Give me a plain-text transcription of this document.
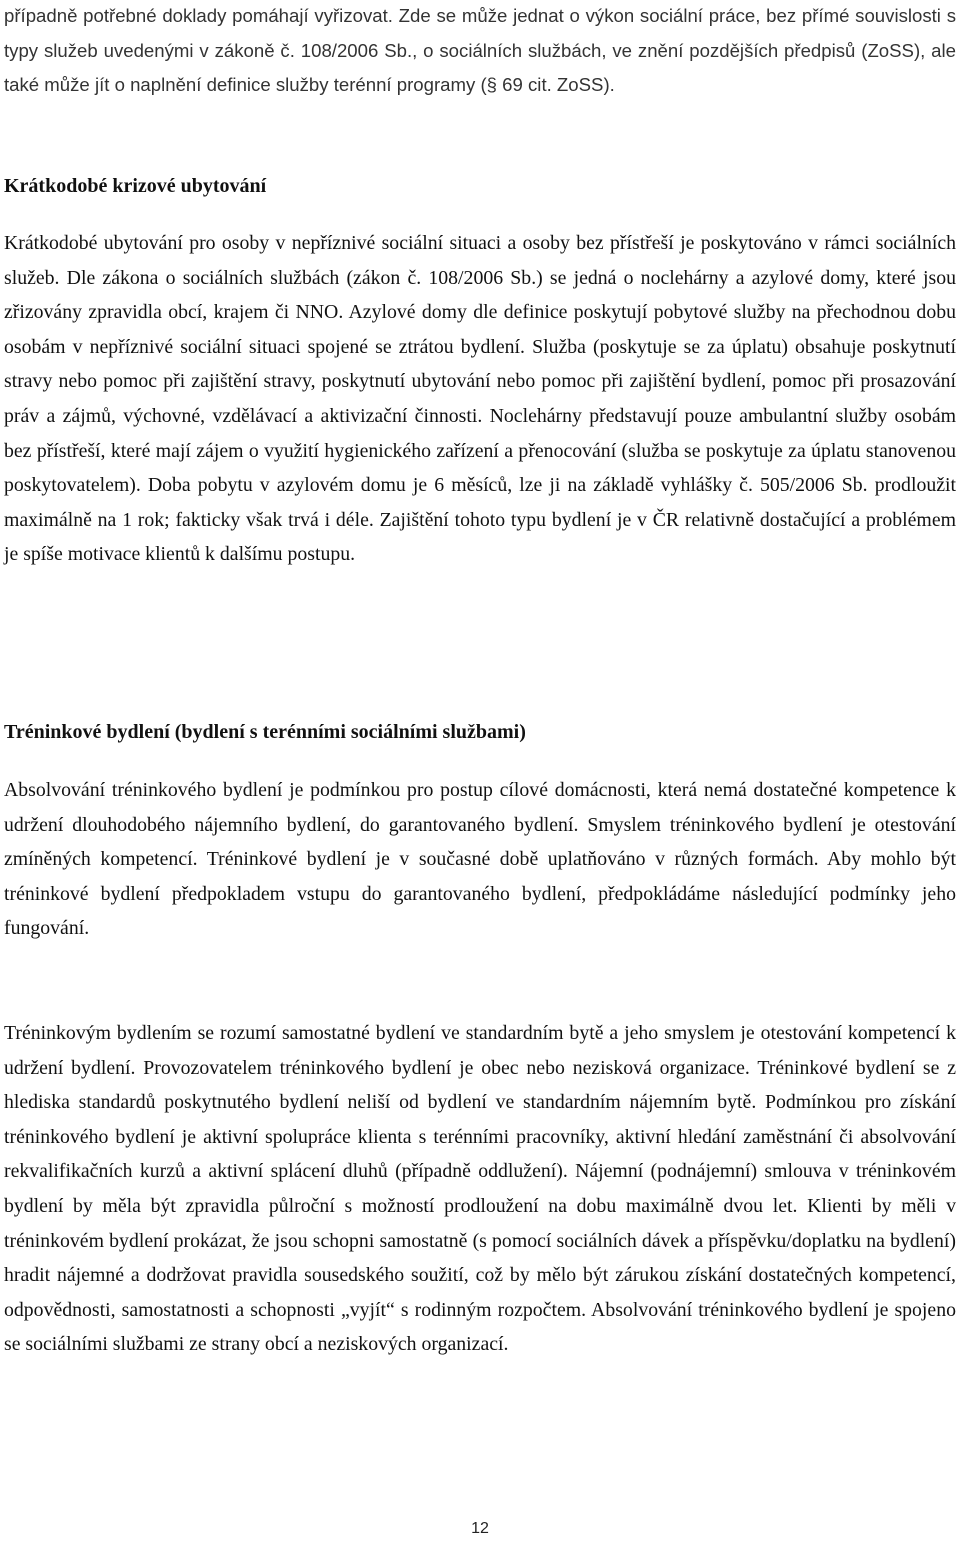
případně potřebné doklady pomáhají vyřizovat. Zde se může jednat o výkon sociální práce, bez přímé souvislosti s typy služeb uvedenými v zákoně č. 108/2006 Sb., o sociálních službách, ve znění pozdějších předpisů (ZoSS), ale také může jít o naplnění definice služby terénní programy (§ 69 cit. ZoSS).

Krátkodobé krizové ubytování

Krátkodobé ubytování pro osoby v nepříznivé sociální situaci a osoby bez přístřeší je poskytováno v rámci sociálních služeb. Dle zákona o sociálních službách (zákon č. 108/2006 Sb.) se jedná o noclehárny a azylové domy, které jsou zřizovány zpravidla obcí, krajem či NNO. Azylové domy dle definice poskytují pobytové služby na přechodnou dobu osobám v nepříznivé sociální situaci spojené se ztrátou bydlení. Služba (poskytuje se za úplatu) obsahuje poskytnutí stravy nebo pomoc při zajištění stravy, poskytnutí ubytování nebo pomoc při zajištění bydlení, pomoc při prosazování práv a zájmů, výchovné, vzdělávací a aktivizační činnosti. Noclehárny představují pouze ambulantní služby osobám bez přístřeší, které mají zájem o využití hygienického zařízení a přenocování (služba se poskytuje za úplatu stanovenou poskytovatelem). Doba pobytu v azylovém domu je 6 měsíců, lze ji na základě vyhlášky č. 505/2006 Sb. prodloužit maximálně na 1 rok; fakticky však trvá i déle. Zajištění tohoto typu bydlení je v ČR relativně dostačující a problémem je spíše motivace klientů k dalšímu postupu.

Tréninkové bydlení (bydlení s terénními sociálními službami)

Absolvování tréninkového bydlení je podmínkou pro postup cílové domácnosti, která nemá dostatečné kompetence k udržení dlouhodobého nájemního bydlení, do garantovaného bydlení. Smyslem tréninkového bydlení je otestování zmíněných kompetencí. Tréninkové bydlení je v současné době uplatňováno v různých formách. Aby mohlo být tréninkové bydlení předpokladem vstupu do garantovaného bydlení, předpokládáme následující podmínky jeho fungování.

Tréninkovým bydlením se rozumí samostatné bydlení ve standardním bytě a jeho smyslem je otestování kompetencí k udržení bydlení. Provozovatelem tréninkového bydlení je obec nebo nezisková organizace. Tréninkové bydlení se z hlediska standardů poskytnutého bydlení neliší od bydlení ve standardním nájemním bytě. Podmínkou pro získání tréninkového bydlení je aktivní spolupráce klienta s terénními pracovníky, aktivní hledání zaměstnání či absolvování rekvalifikačních kurzů a aktivní splácení dluhů (případně oddlužení). Nájemní (podnájemní) smlouva v tréninkovém bydlení by měla být zpravidla půlroční s možností prodloužení na dobu maximálně dvou let. Klienti by měli v tréninkovém bydlení prokázat, že jsou schopni samostatně (s pomocí sociálních dávek a příspěvku/doplatku na bydlení) hradit nájemné a dodržovat pravidla sousedského soužití, což by mělo být zárukou získání dostatečných kompetencí, odpovědnosti, samostatnosti a schopnosti „vyjít“ s rodinným rozpočtem. Absolvování tréninkového bydlení je spojeno se sociálními službami ze strany obcí a neziskových organizací.

12
